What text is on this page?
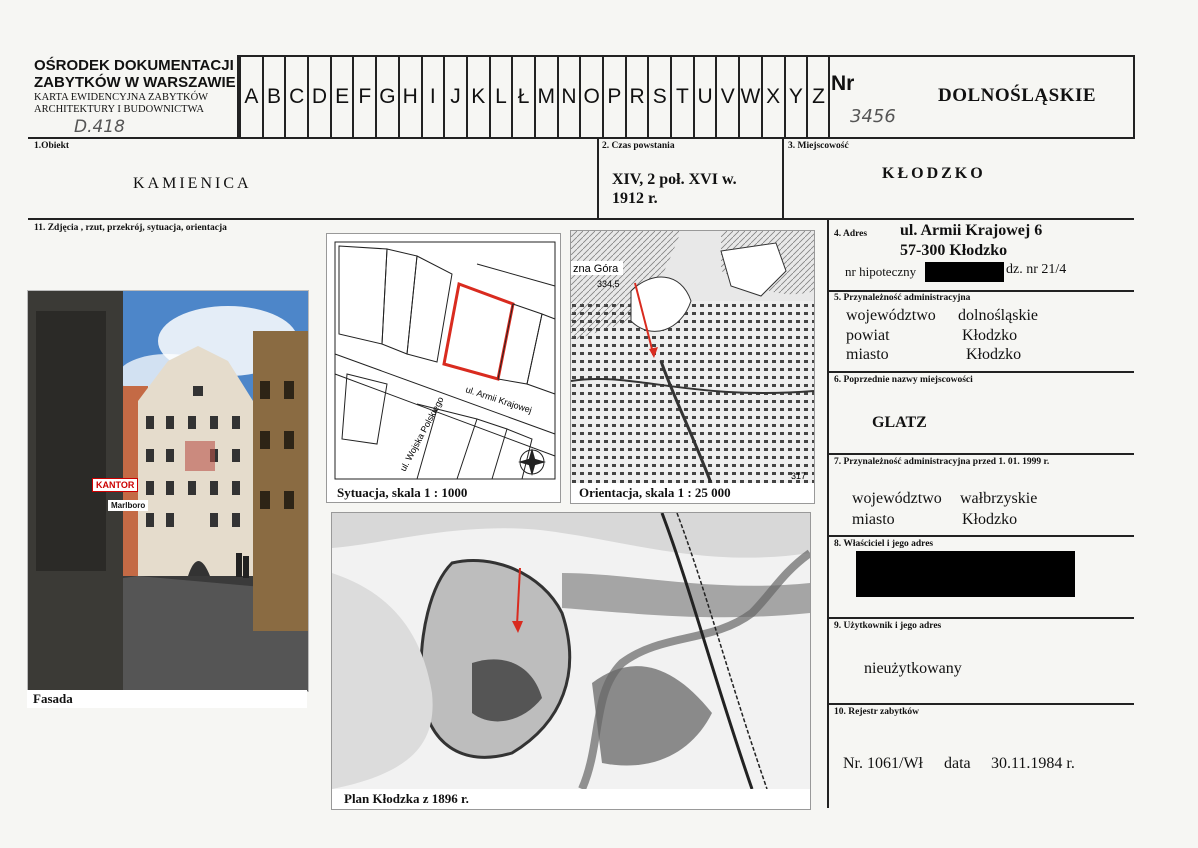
OŚRODEK DOKUMENTACJI
ZABYTKÓW W WARSZAWIE
KARTA EWIDENCYJNA ZABYTKÓW
ARCHITEKTURY I BUDOWNICTWA
D.418
A B C D E F G H I J K L Ł M N O P R S T U V W X Y Z
Nr
3456
DOLNOŚLĄSKIE
1.Obiekt
KAMIENICA
2. Czas powstania
XIV, 2 poł. XVI w.
1912 r.
3. Miejscowość
KŁODZKO
11. Zdjęcia , rzut, przekrój, sytuacja, orientacja
KANTOR
Marlboro
Fasada
ul. Armii Krajowej
ul. Wojska Polskiego
Sytuacja, skala 1 : 1000
zna Góra
334,5
317
Orientacja, skala 1 : 25 000
Plan Kłodzka z 1896 r.
4. Adres ul. Armii Krajowej 6
57-300 Kłodzko
nr hipoteczny	dz. nr 21/4
5. Przynależność administracyjna
województwo dolnośląskie
powiat	Kłodzko
miasto	Kłodzko
6. Poprzednie nazwy miejscowości
GLATZ
7. Przynależność administracyjna przed 1. 01. 1999 r.
województwo wałbrzyskie
miasto	Kłodzko
8. Właściciel i jego adres
9. Użytkownik i jego adres
nieużytkowany
10. Rejestr zabytków
Nr. 1061/Wł data 30.11.1984 r.
